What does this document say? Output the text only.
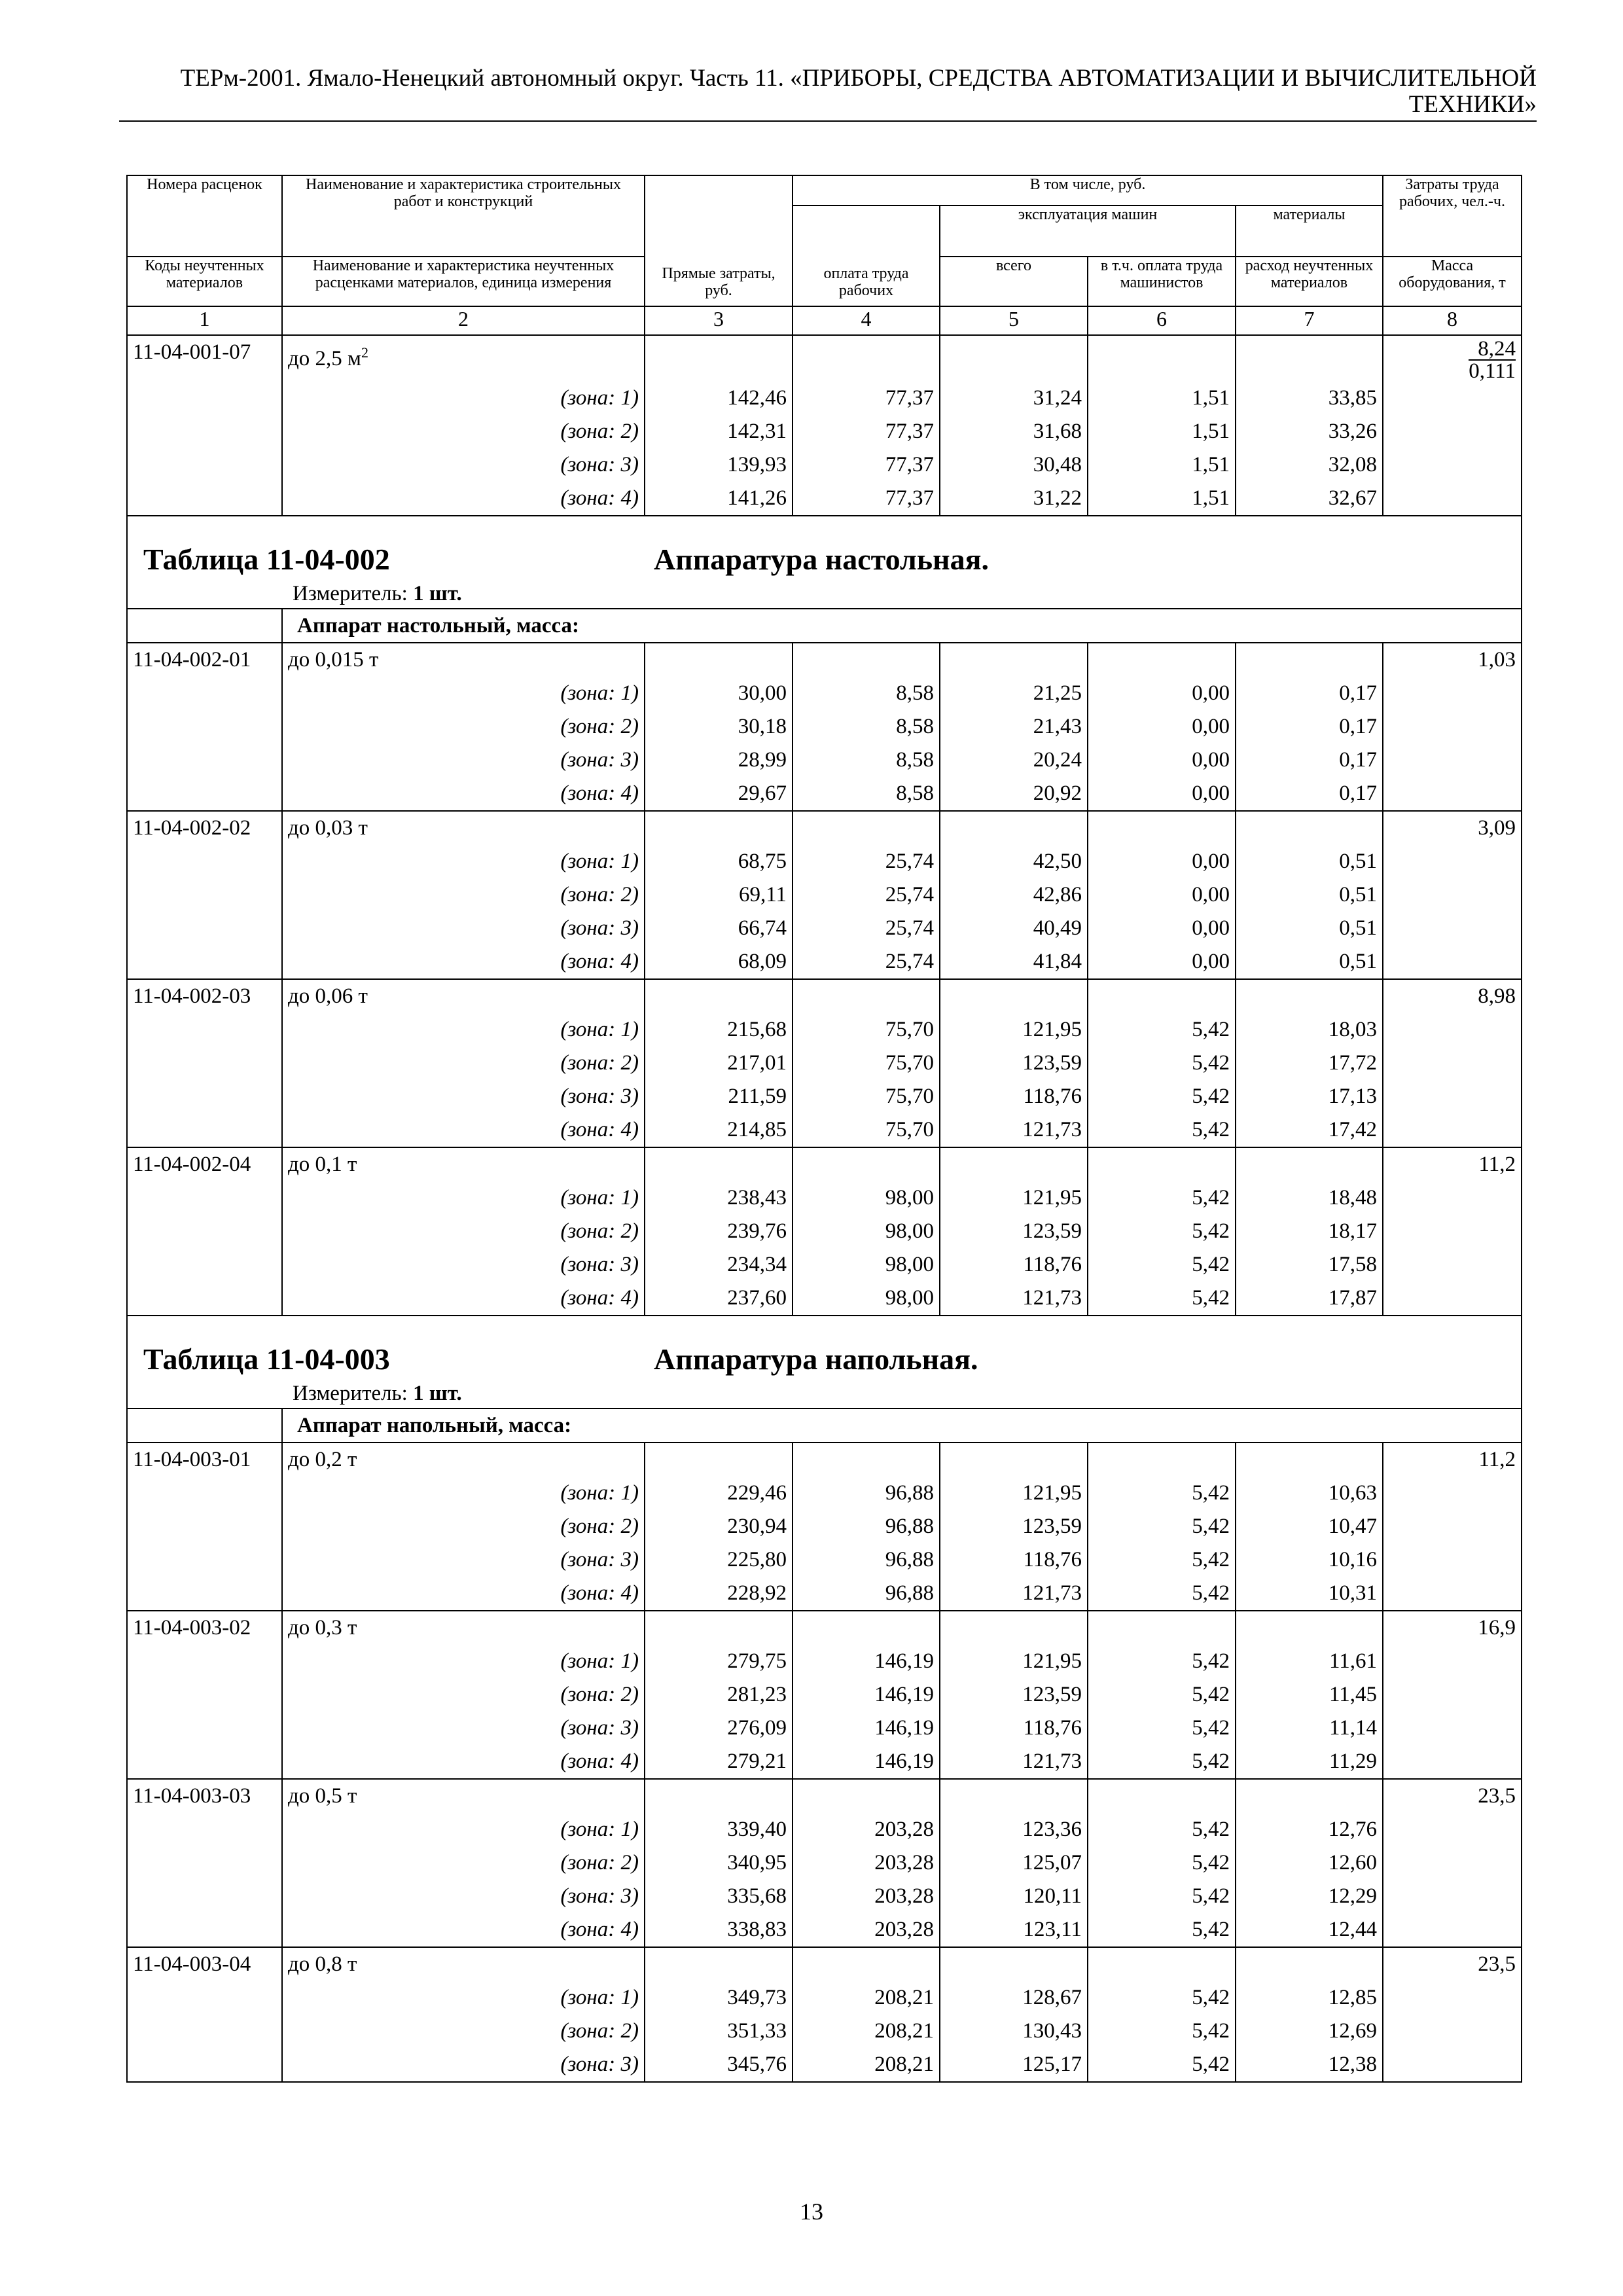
ТЕРм-2001. Ямало-Ненецкий автономный округ. Часть 11. «ПРИБОРЫ, СРЕДСТВА АВТОМАТИЗАЦИИ И ВЫЧИСЛИТЕЛЬНОЙ
ТЕХНИКИ»
Номера расценок	Наименование и характеристика строительных работ и конструкций	Прямые затраты, руб.	В том числе, руб.				Затраты труда рабочих, чел.-ч.
			оплата труда рабочих	эксплуатация машин		материалы	
Коды неучтенных материалов	Наименование и характеристика неучтенных расценками материалов, единица измерения			всего	в т.ч. оплата труда машинистов	расход неучтенных материалов	Масса оборудования, т
1	2	3	4	5	6	7	8
11-04-001-07	до 2,5 $м^2$						$\frac{8,24}{0,111}$

	(зона: 1)	142,46	77,37	31,24	1,51	33,85	
	(зона: 2)	142,31	77,37	31,68	1,51	33,26	
	(зона: 3)	139,93	77,37	30,48	1,51	32,08	
	(зона: 4)	141,26	77,37	31,22	1,51	32,67	
Таблица 11-04-002 Аппаратура настольная.							
Измеритель: 1 шт.							
	Аппарат настольный, масса:						
11-04-002-01	до 0,015 т						1,03
	(зона: 1)	30,00	8,58	21,25	0,00	0,17	
	(зона: 2)	30,18	8,58	21,43	0,00	0,17	
	(зона: 3)	28,99	8,58	20,24	0,00	0,17	
	(зона: 4)	29,67	8,58	20,92	0,00	0,17	
11-04-002-02	до 0,03 т						3,09
	(зона: 1)	68,75	25,74	42,50	0,00	0,51	
	(зона: 2)	69,11	25,74	42,86	0,00	0,51	
	(зона: 3)	66,74	25,74	40,49	0,00	0,51	
	(зона: 4)	68,09	25,74	41,84	0,00	0,51	
11-04-002-03	до 0,06 т						8,98
	(зона: 1)	215,68	75,70	121,95	5,42	18,03	
	(зона: 2)	217,01	75,70	123,59	5,42	17,72	
	(зона: 3)	211,59	75,70	118,76	5,42	17,13	
	(зона: 4)	214,85	75,70	121,73	5,42	17,42	
11-04-002-04	до 0,1 т						11,2
	(зона: 1)	238,43	98,00	121,95	5,42	18,48	
	(зона: 2)	239,76	98,00	123,59	5,42	18,17	
	(зона: 3)	234,34	98,00	118,76	5,42	17,58	
	(зона: 4)	237,60	98,00	121,73	5,42	17,87	
Таблица 11-04-003 Аппаратура напольная.							
Измеритель: 1 шт.							
	Аппарат напольный, масса:						
11-04-003-01	до 0,2 т						11,2
	(зона: 1)	229,46	96,88	121,95	5,42	10,63	
	(зона: 2)	230,94	96,88	123,59	5,42	10,47	
	(зона: 3)	225,80	96,88	118,76	5,42	10,16	
	(зона: 4)	228,92	96,88	121,73	5,42	10,31	
11-04-003-02	до 0,3 т						16,9
	(зона: 1)	279,75	146,19	121,95	5,42	11,61	
	(зона: 2)	281,23	146,19	123,59	5,42	11,45	
	(зона: 3)	276,09	146,19	118,76	5,42	11,14	
	(зона: 4)	279,21	146,19	121,73	5,42	11,29	
11-04-003-03	до 0,5 т						23,5
	(зона: 1)	339,40	203,28	123,36	5,42	12,76	
	(зона: 2)	340,95	203,28	125,07	5,42	12,60	
	(зона: 3)	335,68	203,28	120,11	5,42	12,29	
	(зона: 4)	338,83	203,28	123,11	5,42	12,44	
11-04-003-04	до 0,8 т						23,5
	(зона: 1)	349,73	208,21	128,67	5,42	12,85	
	(зона: 2)	351,33	208,21	130,43	5,42	12,69	
	(зона: 3)	345,76	208,21	125,17	5,42	12,38	
13
